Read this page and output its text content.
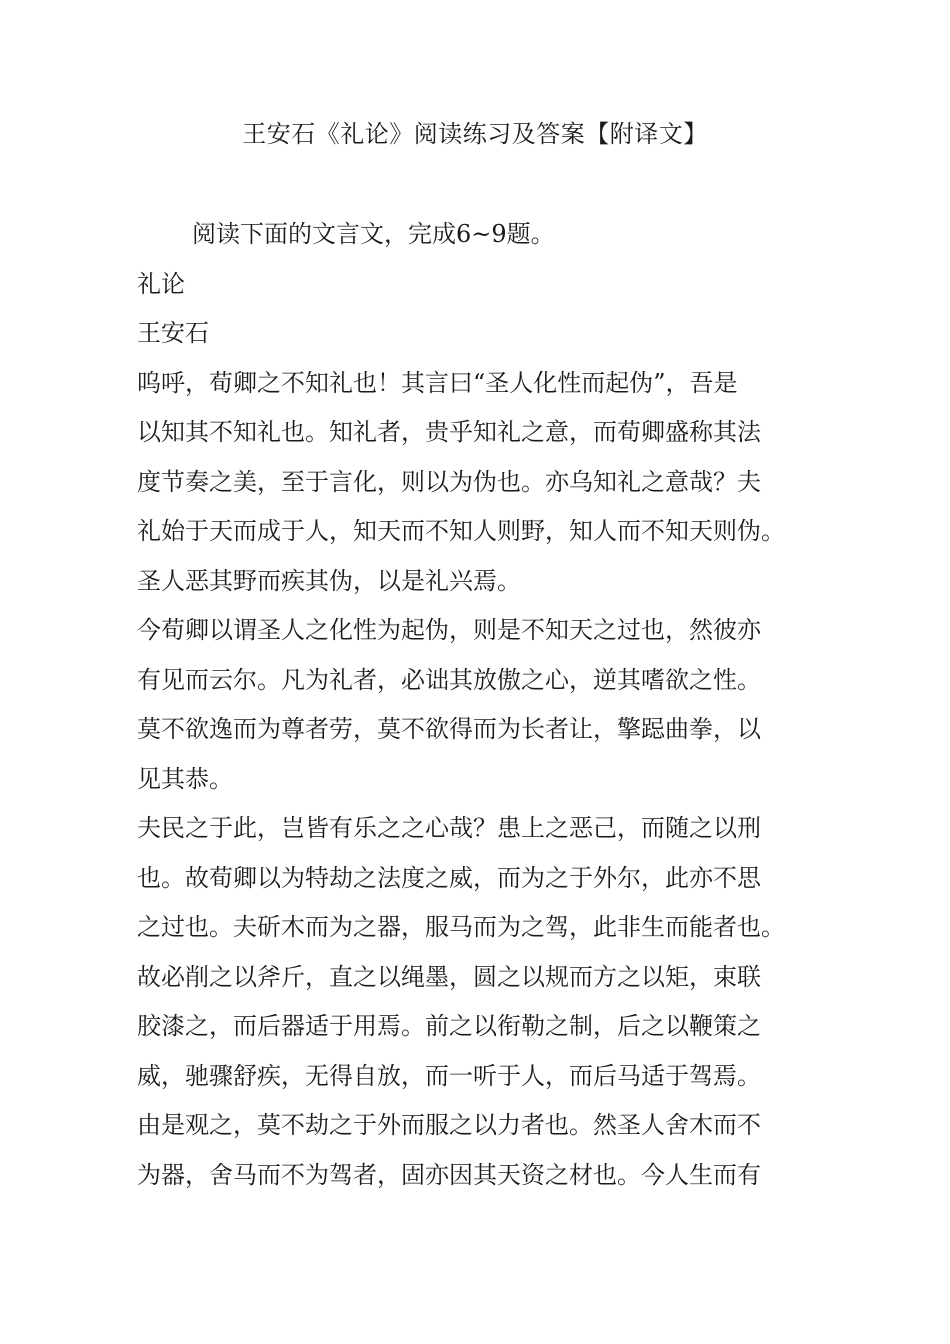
王安石《礼论》阅读练习及答案【附译文】
阅读下面的文言文，完成6~9题。
礼论
王安石
呜呼，荀卿之不知礼也！其言曰“圣人化性而起伪”，吾是
以知其不知礼也。知礼者，贵乎知礼之意，而荀卿盛称其法
度节奏之美，至于言化，则以为伪也。亦乌知礼之意哉？夫
礼始于天而成于人，知天而不知人则野，知人而不知天则伪。
圣人恶其野而疾其伪，以是礼兴焉。
今荀卿以谓圣人之化性为起伪，则是不知天之过也，然彼亦
有见而云尔。凡为礼者，必诎其放傲之心，逆其嗜欲之性。
莫不欲逸而为尊者劳，莫不欲得而为长者让，擎跽曲拳，以
见其恭。
夫民之于此，岂皆有乐之之心哉？患上之恶己，而随之以刑
也。故荀卿以为特劫之法度之威，而为之于外尔，此亦不思
之过也。夫斫木而为之器，服马而为之驾，此非生而能者也。
故必削之以斧斤，直之以绳墨，圆之以规而方之以矩，束联
胶漆之，而后器适于用焉。前之以衔勒之制，后之以鞭策之
威，驰骤舒疾，无得自放，而一听于人，而后马适于驾焉。
由是观之，莫不劫之于外而服之以力者也。然圣人舍木而不
为器，舍马而不为驾者，固亦因其天资之材也。今人生而有
